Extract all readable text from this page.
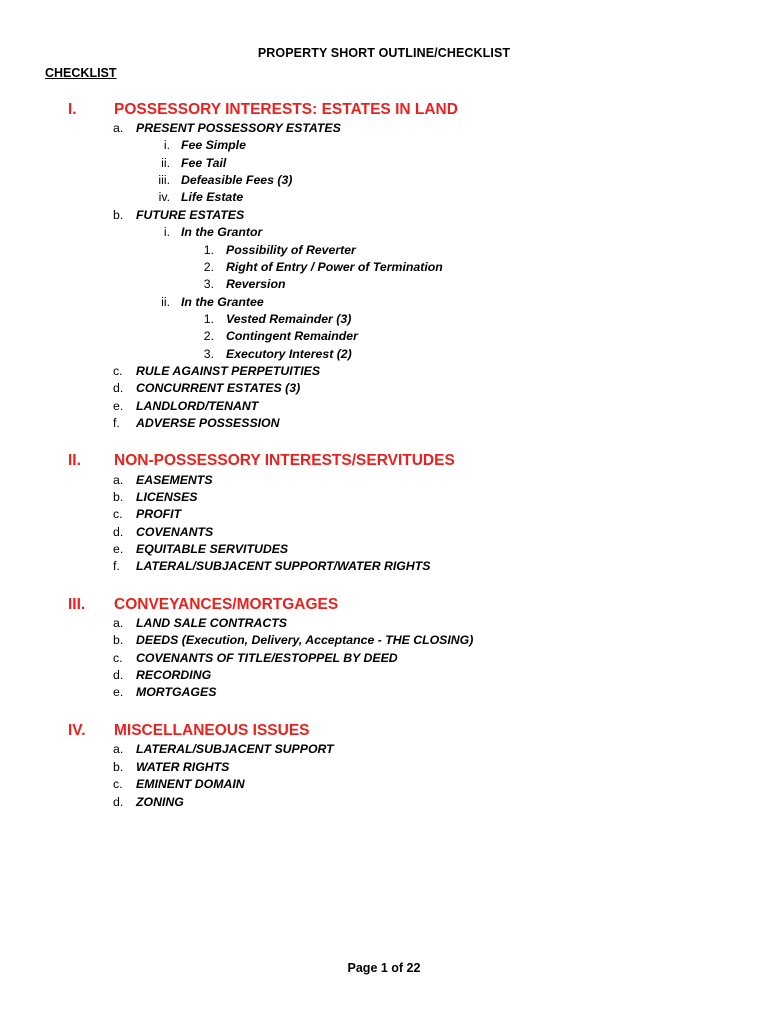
PROPERTY SHORT OUTLINE/CHECKLIST
CHECKLIST
I.	POSSESSORY INTERESTS: ESTATES IN LAND
a. PRESENT POSSESSORY ESTATES
i. Fee Simple
ii. Fee Tail
iii. Defeasible Fees (3)
iv. Life Estate
b. FUTURE ESTATES
i. In the Grantor
1. Possibility of Reverter
2. Right of Entry / Power of Termination
3. Reversion
ii. In the Grantee
1. Vested Remainder (3)
2. Contingent Remainder
3. Executory Interest (2)
c. RULE AGAINST PERPETUITIES
d. CONCURRENT ESTATES (3)
e. LANDLORD/TENANT
f. ADVERSE POSSESSION
II.	NON-POSSESSORY INTERESTS/SERVITUDES
a. EASEMENTS
b. LICENSES
c. PROFIT
d. COVENANTS
e. EQUITABLE SERVITUDES
f. LATERAL/SUBJACENT SUPPORT/WATER RIGHTS
III.	CONVEYANCES/MORTGAGES
a. LAND SALE CONTRACTS
b. DEEDS (Execution, Delivery, Acceptance - THE CLOSING)
c. COVENANTS OF TITLE/ESTOPPEL BY DEED
d. RECORDING
e. MORTGAGES
IV.	MISCELLANEOUS ISSUES
a. LATERAL/SUBJACENT SUPPORT
b. WATER RIGHTS
c. EMINENT DOMAIN
d. ZONING
Page 1 of 22
